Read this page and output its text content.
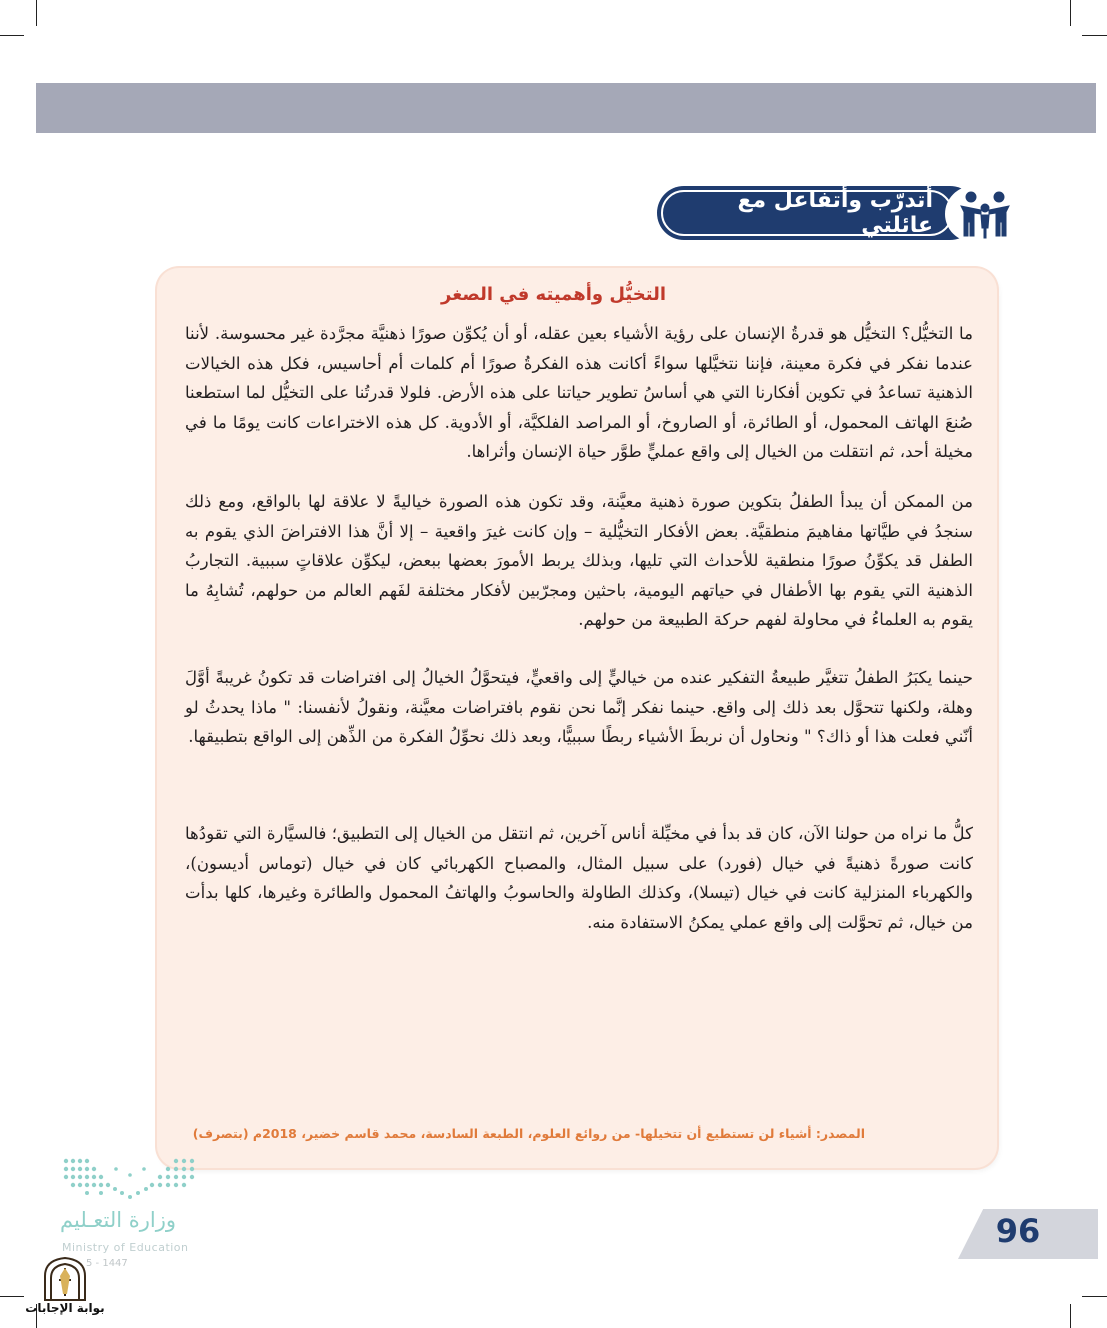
أتدرّب وأتفاعل مع عائلتي
التخيُّل وأهميته في الصغر

ما التخيُّل؟ التخيُّل هو قدرةُ الإنسان على رؤية الأشياء بعين عقله، أو أن يُكوِّن صورًا ذهنيَّة مجرَّدة غير محسوسة. لأننا عندما نفكر في فكرة معينة، فإننا نتخيَّلها سواءً أكانت هذه الفكرةُ صورًا أم كلمات أم أحاسيس، فكل هذه الخيالات الذهنية تساعدُ في تكوين أفكارنا التي هي أساسُ تطوير حياتنا على هذه الأرض. فلولا قدرتُنا على التخيُّل لما استطعنا صُنعَ الهاتف المحمول، أو الطائرة، أو الصاروخ، أو المراصد الفلكيَّة، أو الأدوية. كل هذه الاختراعات كانت يومًا ما في مخيلة أحد، ثم انتقلت من الخيال إلى واقع عمليٍّ طوَّر حياة الإنسان وأثراها.

من الممكن أن يبدأ الطفلُ بتكوين صورة ذهنية معيَّنة، وقد تكون هذه الصورة خياليةً لا علاقة لها بالواقع، ومع ذلك سنجدُ في طيَّاتها مفاهيمَ منطقيَّة. بعض الأفكار التخيُّلية – وإن كانت غيرَ واقعية – إلا أنَّ هذا الافتراضَ الذي يقوم به الطفل قد يكوِّنُ صورًا منطقية للأحداث التي تليها، وبذلك يربط الأمورَ بعضها ببعض، ليكوِّن علاقاتٍ سببية. التجاربُ الذهنية التي يقوم بها الأطفال في حياتهم اليومية، باحثين ومجرّبين لأفكار مختلفة لفَهم العالم من حولهم، تُشابِهُ ما يقوم به العلماءُ في محاولة لفهم حركة الطبيعة من حولهم.

حينما يكبَرُ الطفلُ تتغيَّر طبيعةُ التفكير عنده من خياليٍّ إلى واقعيٍّ، فيتحوَّلُ الخيالُ إلى افتراضات قد تكونُ غريبةً أوَّلَ وهلة، ولكنها تتحوَّل بعد ذلك إلى واقع. حينما نفكر إنَّما نحن نقوم بافتراضات معيَّنة، ونقولُ لأنفسنا: " ماذا يحدثُ لو أنّني فعلت هذا أو ذاك؟ " ونحاول أن نربطَ الأشياء ربطًا سببيًّا، وبعد ذلك نحوِّلُ الفكرة من الذِّهن إلى الواقع بتطبيقها.

كلُّ ما نراه من حولنا الآن، كان قد بدأ في مخيِّلة أناس آخرين، ثم انتقل من الخيال إلى التطبيق؛ فالسيَّارة التي تقودُها كانت صورةً ذهنيةً في خيال (فورد) على سبيل المثال، والمصباح الكهربائي كان في خيال (توماس أديسون)، والكهرباء المنزلية كانت في خيال (تيسلا)، وكذلك الطاولة والحاسوبُ والهاتفُ المحمول والطائرة وغيرها، كلها بدأت من خيال، ثم تحوَّلت إلى واقع عملي يمكنُ الاستفادة منه.

المصدر: أشياء لن تستطيع أن تتخيلها- من روائع العلوم، الطبعة السادسة، محمد قاسم خضير، 2018م (بتصرف)
وزارة التعـليم
Ministry of Education
5 - 1447
بوابة الإجابات
96
